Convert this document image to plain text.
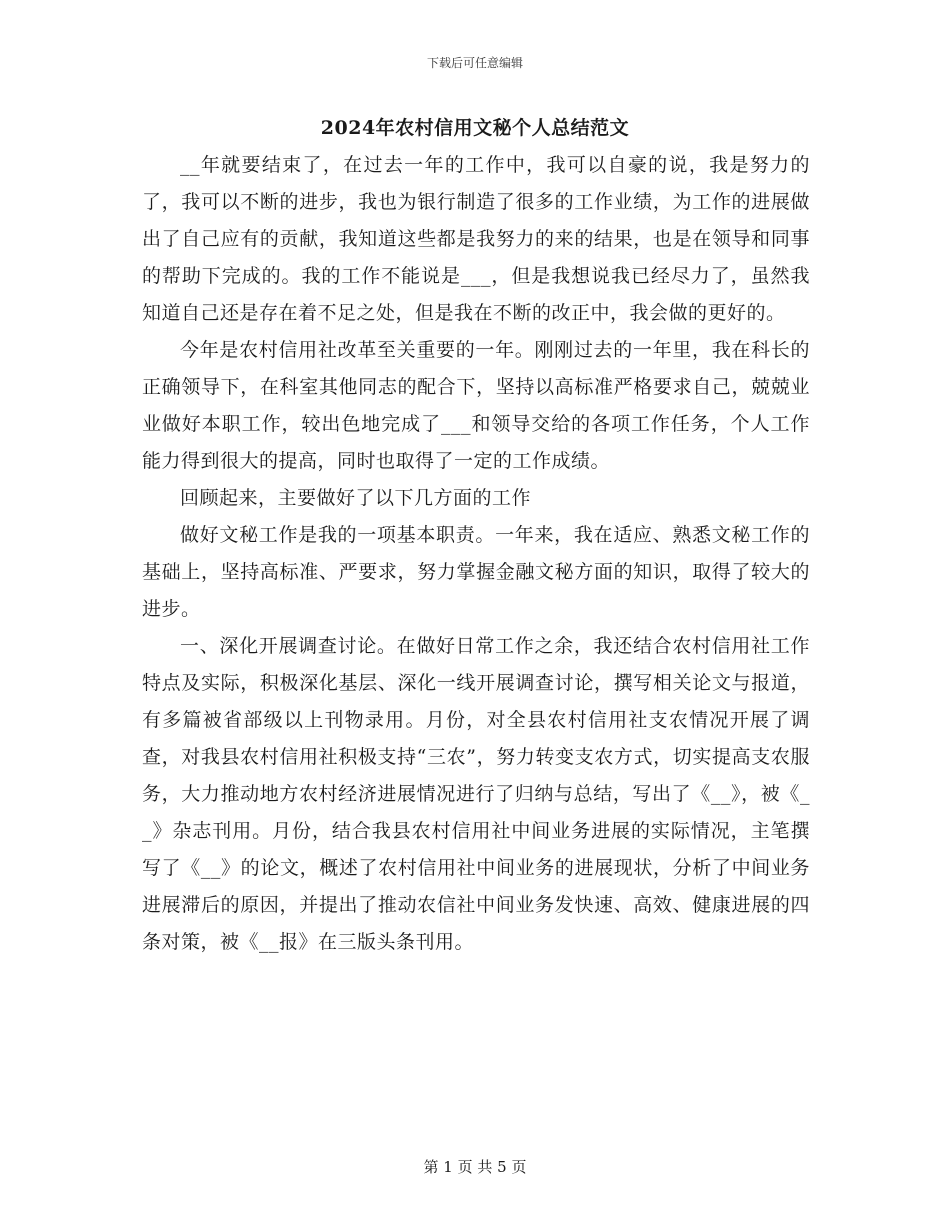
下载后可任意编辑
2024年农村信用文秘个人总结范文

__年就要结束了，在过去一年的工作中，我可以自豪的说，我是努力的了，我可以不断的进步，我也为银行制造了很多的工作业绩，为工作的进展做出了自己应有的贡献，我知道这些都是我努力的来的结果，也是在领导和同事的帮助下完成的。我的工作不能说是___，但是我想说我已经尽力了，虽然我知道自己还是存在着不足之处，但是我在不断的改正中，我会做的更好的。

今年是农村信用社改革至关重要的一年。刚刚过去的一年里，我在科长的正确领导下，在科室其他同志的配合下，坚持以高标准严格要求自己，兢兢业业做好本职工作，较出色地完成了___和领导交给的各项工作任务，个人工作能力得到很大的提高，同时也取得了一定的工作成绩。

回顾起来，主要做好了以下几方面的工作

做好文秘工作是我的一项基本职责。一年来，我在适应、熟悉文秘工作的基础上，坚持高标准、严要求，努力掌握金融文秘方面的知识，取得了较大的进步。

一、深化开展调查讨论。在做好日常工作之余，我还结合农村信用社工作特点及实际，积极深化基层、深化一线开展调查讨论，撰写相关论文与报道，有多篇被省部级以上刊物录用。月份，对全县农村信用社支农情况开展了调查，对我县农村信用社积极支持“三农”，努力转变支农方式，切实提高支农服务，大力推动地方农村经济进展情况进行了归纳与总结，写出了《__》，被《__》杂志刊用。月份，结合我县农村信用社中间业务进展的实际情况，主笔撰写了《__》的论文，概述了农村信用社中间业务的进展现状，分析了中间业务进展滞后的原因，并提出了推动农信社中间业务发快速、高效、健康进展的四条对策，被《__报》在三版头条刊用。

第 1 页 共 5 页
